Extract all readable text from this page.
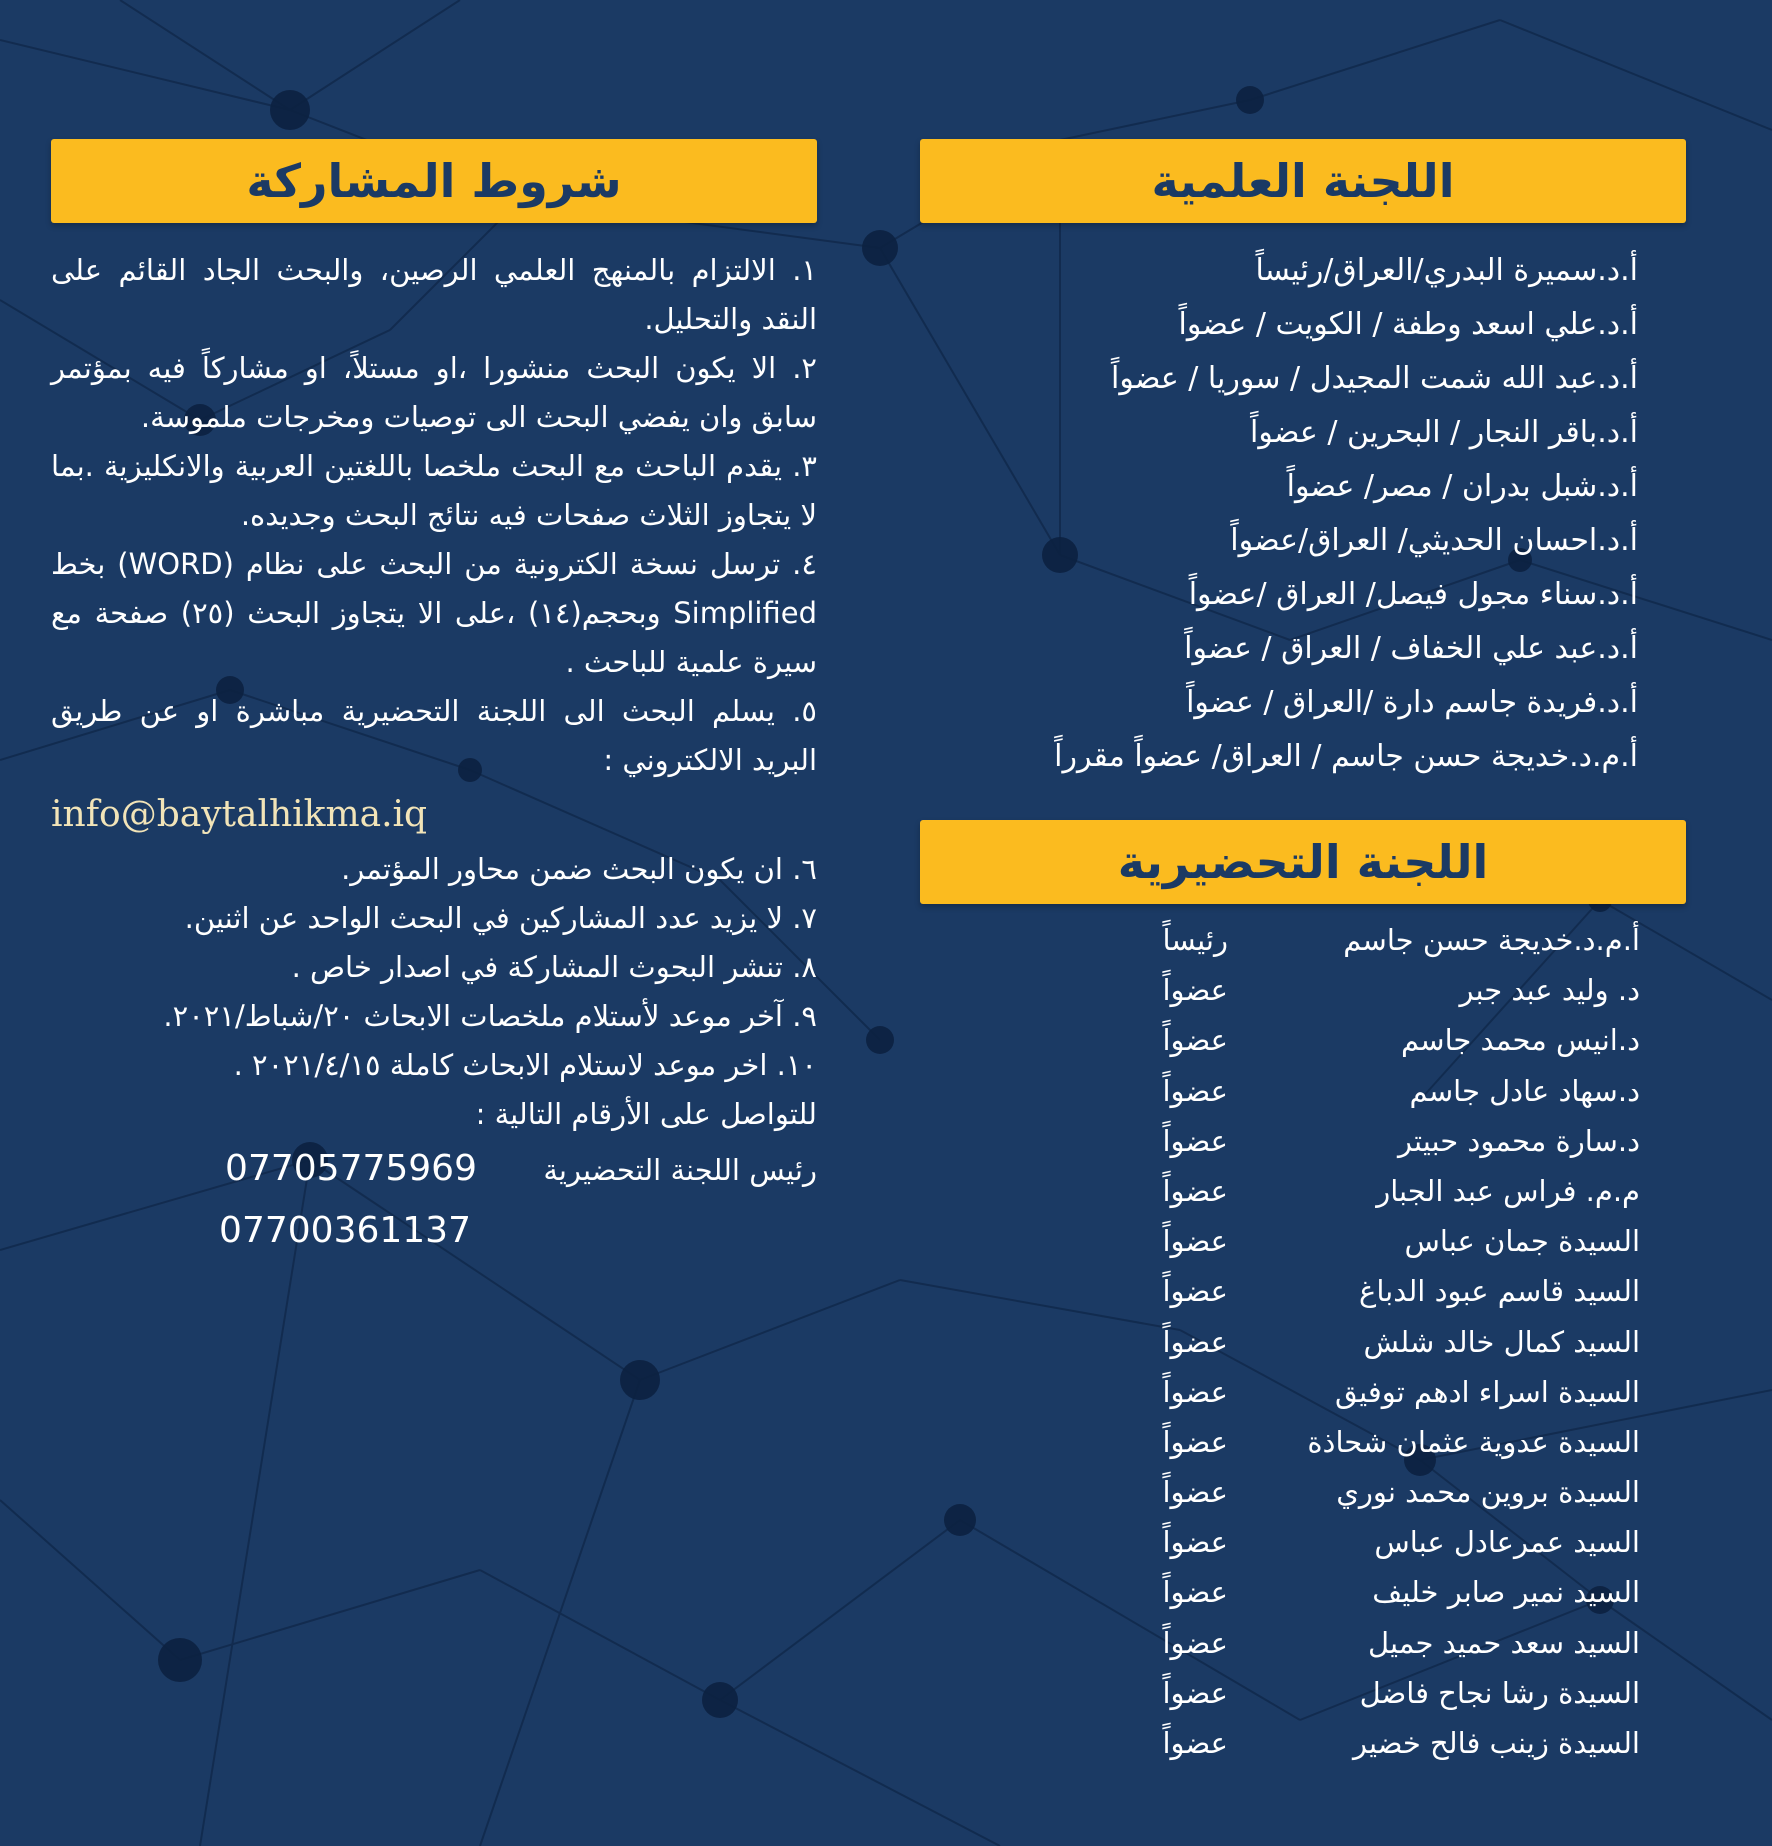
اللجنة العلمية
أ.د.سميرة البدري/العراق/رئيساً
أ.د.علي اسعد وطفة / الكويت / عضواً
أ.د.عبد الله شمت المجيدل / سوريا / عضواً
أ.د.باقر النجار / البحرين / عضواً
أ.د.شبل بدران / مصر/ عضواً
أ.د.احسان الحديثي/ العراق/عضواً
أ.د.سناء مجول فيصل/ العراق /عضواً
أ.د.عبد علي الخفاف / العراق / عضواً
أ.د.فريدة جاسم دارة /العراق / عضواً
أ.م.د.خديجة حسن جاسم / العراق/ عضواً مقرراً
اللجنة التحضيرية
أ.م.د.خديجة حسن جاسم
رئيساً
د. وليد عبد جبر
عضواً
د.انيس محمد جاسم
عضواً
د.سهاد عادل جاسم
عضواً
د.سارة محمود حبيتر
عضواً
م.م. فراس عبد الجبار
عضواً
السيدة جمان عباس
عضواً
السيد قاسم عبود الدباغ
عضواً
السيد كمال خالد شلش
عضواً
السيدة اسراء ادهم توفيق
عضواً
السيدة عدوية عثمان شحاذة
عضواً
السيدة بروين محمد نوري
عضواً
السيد عمرعادل عباس
عضواً
السيد نمير صابر خليف
عضواً
السيد سعد حميد جميل
عضواً
السيدة رشا نجاح فاضل
عضواً
السيدة زينب فالح خضير
عضواً
شروط المشاركة

١. الالتزام بالمنهج العلمي الرصين، والبحث الجاد القائم على النقد والتحليل.

٢. الا يكون البحث منشورا ،او مستلاً، او مشاركاً فيه بمؤتمر سابق وان يفضي البحث الى توصيات ومخرجات ملموسة.

٣. يقدم الباحث مع البحث ملخصا باللغتين العربية والانكليزية .بما لا يتجاوز الثلاث صفحات فيه نتائج البحث وجديده.

٤. ترسل نسخة الكترونية من البحث على نظام (WORD) بخط Simplified وبحجم(١٤) ،على الا يتجاوز البحث (٢٥) صفحة مع سيرة علمية للباحث .

٥. يسلم البحث الى اللجنة التحضيرية مباشرة او عن طريق البريد الالكتروني :

info@baytalhikma.iq

٦. ان يكون البحث ضمن محاور المؤتمر.

٧. لا يزيد عدد المشاركين في البحث الواحد عن اثنين.

٨. تنشر البحوث المشاركة في اصدار خاص .

٩. آخر موعد لأستلام ملخصات الابحاث ٢٠/شباط/٢٠٢١.

١٠. اخر موعد لاستلام الابحاث كاملة ٢٠٢١/٤/١٥ .

للتواصل على الأرقام التالية :

رئيس اللجنة التحضيرية
07705775969
07700361137
